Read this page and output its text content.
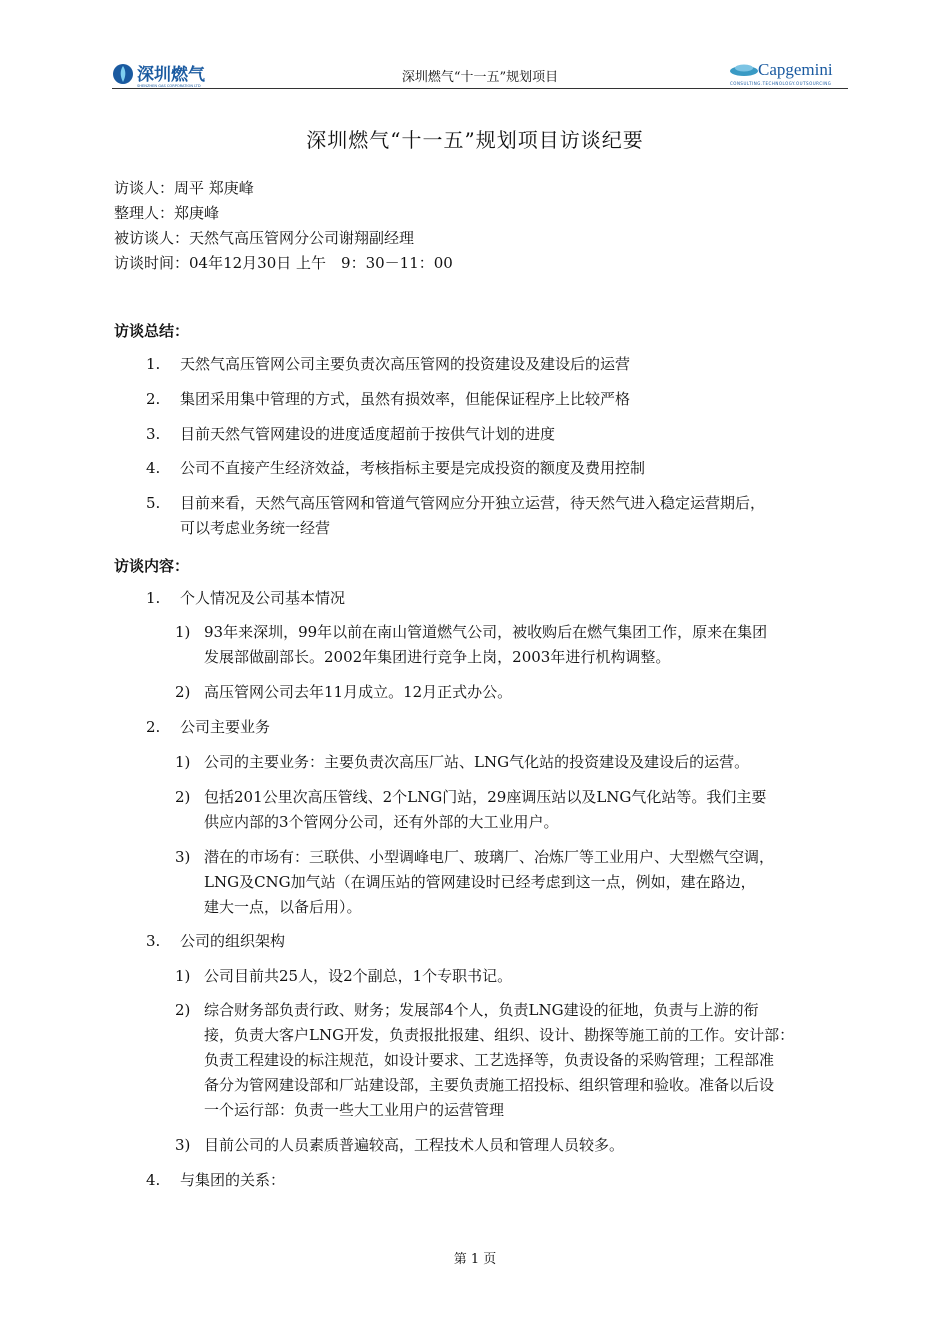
深圳燃气
SHENZHEN GAS CORPORATION LTD
深圳燃气“十一五”规划项目	Capgemini
CONSULTING.TECHNOLOGY.OUTSOURCING
深圳燃气“十一五”规划项目访谈纪要
访谈人：周平 郑庚峰
整理人：郑庚峰
被访谈人：天然气高压管网分公司谢翔副经理
访谈时间：04年12月30日 上午　9：30－11：00
访谈总结：
1. 天然气高压管网公司主要负责次高压管网的投资建设及建设后的运营
2. 集团采用集中管理的方式，虽然有损效率，但能保证程序上比较严格
3. 目前天然气管网建设的进度适度超前于按供气计划的进度
4. 公司不直接产生经济效益，考核指标主要是完成投资的额度及费用控制
5. 目前来看，天然气高压管网和管道气管网应分开独立运营，待天然气进入稳定运营期后，
可以考虑业务统一经营
访谈内容：
1. 个人情况及公司基本情况
1) 93年来深圳，99年以前在南山管道燃气公司，被收购后在燃气集团工作，原来在集团
发展部做副部长。2002年集团进行竞争上岗，2003年进行机构调整。
2) 高压管网公司去年11月成立。12月正式办公。
2. 公司主要业务
1) 公司的主要业务：主要负责次高压厂站、LNG气化站的投资建设及建设后的运营。
2) 包括201公里次高压管线、2个LNG门站，29座调压站以及LNG气化站等。我们主要
供应内部的3个管网分公司，还有外部的大工业用户。
3) 潜在的市场有：三联供、小型调峰电厂、玻璃厂、冶炼厂等工业用户、大型燃气空调，
LNG及CNG加气站（在调压站的管网建设时已经考虑到这一点，例如，建在路边，
建大一点，以备后用）。
3. 公司的组织架构
1) 公司目前共25人，设2个副总，1个专职书记。
2) 综合财务部负责行政、财务；发展部4个人，负责LNG建设的征地，负责与上游的衔
接，负责大客户LNG开发，负责报批报建、组织、设计、勘探等施工前的工作。安计部：
负责工程建设的标注规范，如设计要求、工艺选择等，负责设备的采购管理；工程部准
备分为管网建设部和厂站建设部，主要负责施工招投标、组织管理和验收。准备以后设
一个运行部：负责一些大工业用户的运营管理
3) 目前公司的人员素质普遍较高，工程技术人员和管理人员较多。
4. 与集团的关系：
第 1 页
